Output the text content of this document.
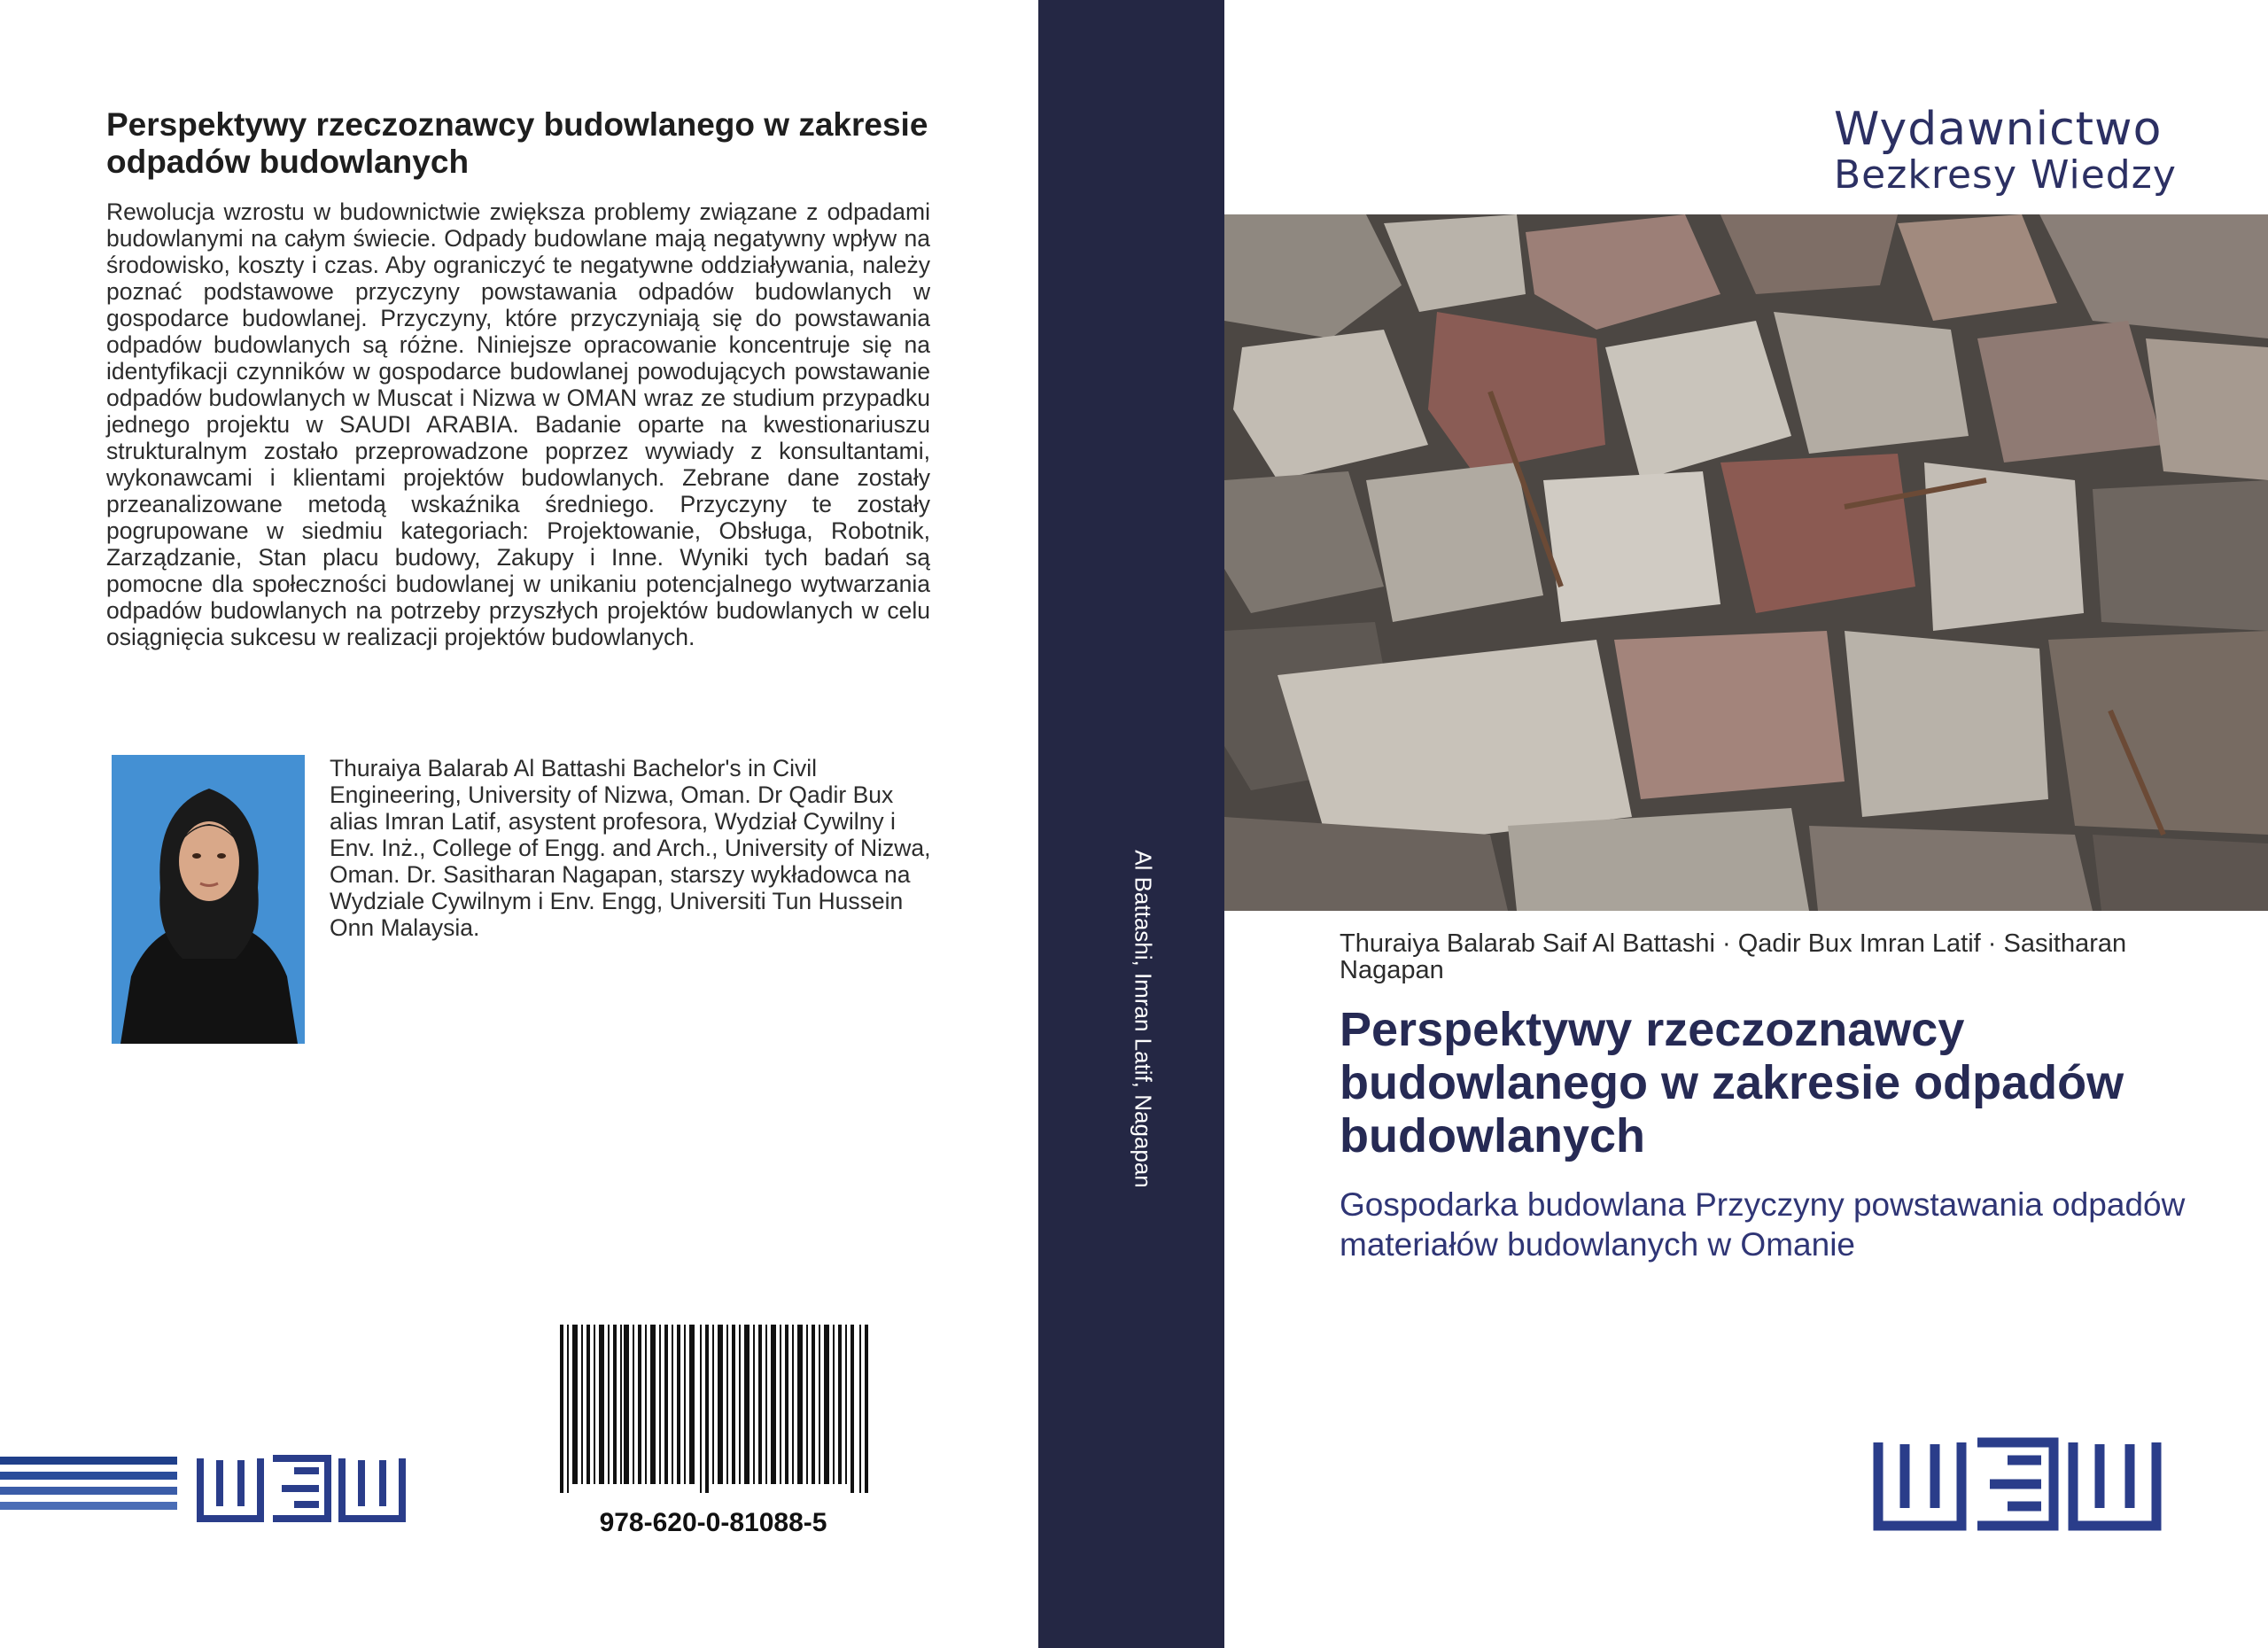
Perspektywy rzeczoznawcy budowlanego w zakresie odpadów budowlanych

Rewolucja wzrostu w budownictwie zwiększa problemy związane z odpadami budowlanymi na całym świecie. Odpady budowlane mają negatywny wpływ na środowisko, koszty i czas. Aby ograniczyć te negatywne oddziaływania, należy poznać podstawowe przyczyny powstawania odpadów budowlanych w gospodarce budowlanej. Przyczyny, które przyczyniają się do powstawania odpadów budowlanych są różne. Niniejsze opracowanie koncentruje się na identyfikacji czynników w gospodarce budowlanej powodujących powstawanie odpadów budowlanych w Muscat i Nizwa w OMAN wraz ze studium przypadku jednego projektu w SAUDI ARABIA. Badanie oparte na kwestionariuszu strukturalnym zostało przeprowadzone poprzez wywiady z konsultantami, wykonawcami i klientami projektów budowlanych. Zebrane dane zostały przeanalizowane metodą wskaźnika średniego. Przyczyny te zostały pogrupowane w siedmiu kategoriach: Projektowanie, Obsługa, Robotnik, Zarządzanie, Stan placu budowy, Zakupy i Inne. Wyniki tych badań są pomocne dla społeczności budowlanej w unikaniu potencjalnego wytwarzania odpadów budowlanych na potrzeby przyszłych projektów budowlanych w celu osiągnięcia sukcesu w realizacji projektów budowlanych.

Thuraiya Balarab Al Battashi Bachelor's in Civil Engineering, University of Nizwa, Oman. Dr Qadir Bux alias Imran Latif, asystent profesora, Wydział Cywilny i Env. Inż., College of Engg. and Arch., University of Nizwa, Oman. Dr. Sasitharan Nagapan, starszy wykładowca na Wydziale Cywilnym i Env. Engg, Universiti Tun Hussein Onn Malaysia.

978-620-0-81088-5
Al Battashi, Imran Latif, Nagapan
Wydawnictwo
Bezkresy Wiedzy

Thuraiya Balarab Saif Al Battashi · Qadir Bux Imran Latif · Sasitharan Nagapan

Perspektywy rzeczoznawcy budowlanego w zakresie odpadów budowlanych

Gospodarka budowlana Przyczyny powstawania odpadów materiałów budowlanych w Omanie
